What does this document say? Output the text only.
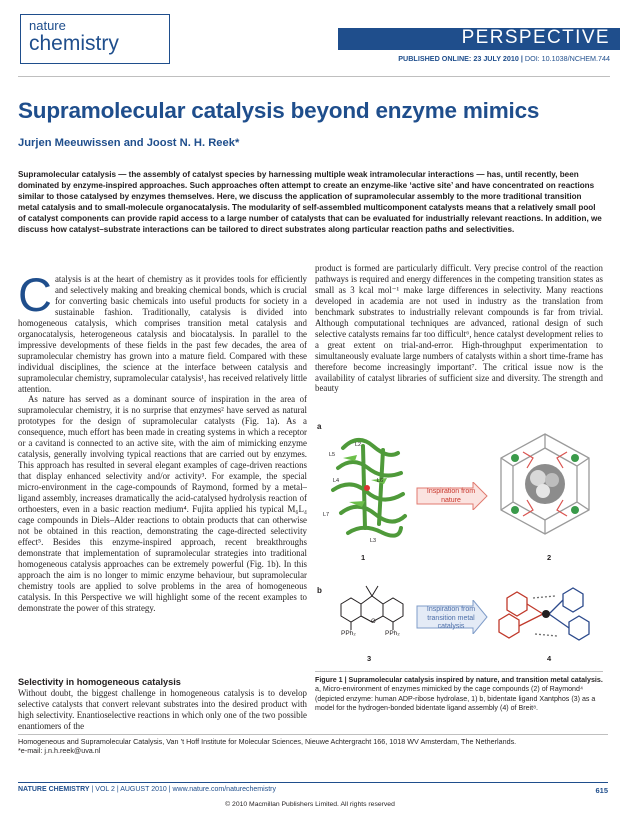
nature
chemistry	PERSPECTIVE
PUBLISHED ONLINE: 23 JULY 2010 | DOI: 10.1038/NCHEM.744
Supramolecular catalysis beyond enzyme mimics
Jurjen Meeuwissen and Joost N. H. Reek*

Supramolecular catalysis — the assembly of catalyst species by harnessing multiple weak intramolecular interactions — has, until recently, been dominated by enzyme-inspired approaches. Such approaches often attempt to create an enzyme-like ‘active site’ and have concentrated on reactions similar to those catalysed by enzymes themselves. Here, we discuss the application of supramolecular assembly to the more traditional transition metal catalysis and to small-molecule organocatalysis. The modularity of self-assembled multicomponent catalysts means that a relatively small pool of catalyst components can provide rapid access to a large number of catalysts that can be evaluated for industrially relevant reactions. In addition, we discuss how catalyst–substrate interactions can be tailored to direct substrates along particular reaction paths and selectivities.

Catalysis is at the heart of chemistry as it provides tools for efficiently and selectively making and breaking chemical bonds, which is crucial for converting basic chemicals into useful products for society in a sustainable fashion. Traditionally, catalysis is divided into homogeneous catalysis, which comprises transition metal catalysis and organocatalysis, heterogeneous catalysis and biocatalysis. In parallel to the impressive developments of these fields in the past few decades, the area of supramolecular chemistry has grown into a mature field. Compared with these individual disciplines, the science at the interface between catalysis and supramolecular chemistry, supramolecular catalysis¹, has received relatively little attention.

As nature has served as a dominant source of inspiration in the area of supramolecular chemistry, it is no surprise that enzymes² have served as natural prototypes for the design of supramolecular catalysts (Fig. 1a). As a consequence, much effort has been made in creating systems in which a receptor or a cavitand is connected to an active site, with the aim of mimicking enzyme catalysis, generally involving typical reactions that are carried out by enzymes. This approach has resulted in several elegant examples of cage-driven reactions that display enhanced selectivity and/or activity³. For example, the special micro-environment in the cage-compounds of Raymond, formed by a metal–ligand assembly, increases dramatically the acid-catalysed hydrolysis reaction of orthoesters, even in a basic reaction medium⁴. Fujita applied his typical M₆L₄ cage compounds in Diels–Alder reactions to obtain products that can otherwise not be obtained in this reaction, demonstrating the cage-directed selectivity effect⁵. Besides this enzyme-inspired approach, recent breakthroughs demonstrate that implementation of supramolecular strategies into traditional homogeneous catalysis approaches can be extremely powerful (Fig. 1b). In this approach the aim is no longer to mimic enzyme behaviour, but supramolecular chemistry tools are applied to solve problems in the area of homogeneous catalysis. In this Perspective we will highlight some of the recent examples to demonstrate the power of this strategy.

Selectivity in homogeneous catalysis
Without doubt, the biggest challenge in homogeneous catalysis is to develop selective catalysts that convert relevant substrates into the desired product with high selectivity. Enantioselective reactions in which only one of the two possible enantiomers of the
product is formed are particularly difficult. Very precise control of the reaction pathways is required and energy differences in the competing transition states as small as 3 kcal mol⁻¹ make large differences in selectivity. Many reactions developed in academia are not used in industry as the translation from benchmark substrates to industrially relevant compounds is far from trivial. Although computational techniques are advanced, rational design of such selective catalysts remains far too difficult⁶, hence catalyst development relies to a great extent on trial-and-error. High-throughput experimentation to simultaneously evaluate large numbers of catalysts within a short time-frame has therefore become increasingly important⁷. The critical issue now is the availability of catalyst libraries of sufficient size and diversity. The strength and beauty
a
b
L5
L2
L4	L6
L7
L3
Inspiration from nature
1	2
O
PPh₂	PPh₂
Inspiration from transition metal catalysis
3	4

Figure 1 | Supramolecular catalysis inspired by nature, and transition metal catalysis. a, Micro-environment of enzymes mimicked by the cage compounds (2) of Raymond⁴ (depicted enzyme: human ADP-ribose hydrolase, 1) b, bidentate ligand Xantphos (3) as a model for the hydrogen-bonded bidentate ligand assembly (4) of Breit⁸.

Homogeneous and Supramolecular Catalysis, Van ’t Hoff Institute for Molecular Sciences, Nieuwe Achtergracht 166, 1018 WV Amsterdam, The Netherlands.
*e-mail: j.n.h.reek@uva.nl
NATURE CHEMISTRY | VOL 2 | AUGUST 2010 | www.nature.com/naturechemistry	615
© 2010 Macmillan Publishers Limited. All rights reserved
